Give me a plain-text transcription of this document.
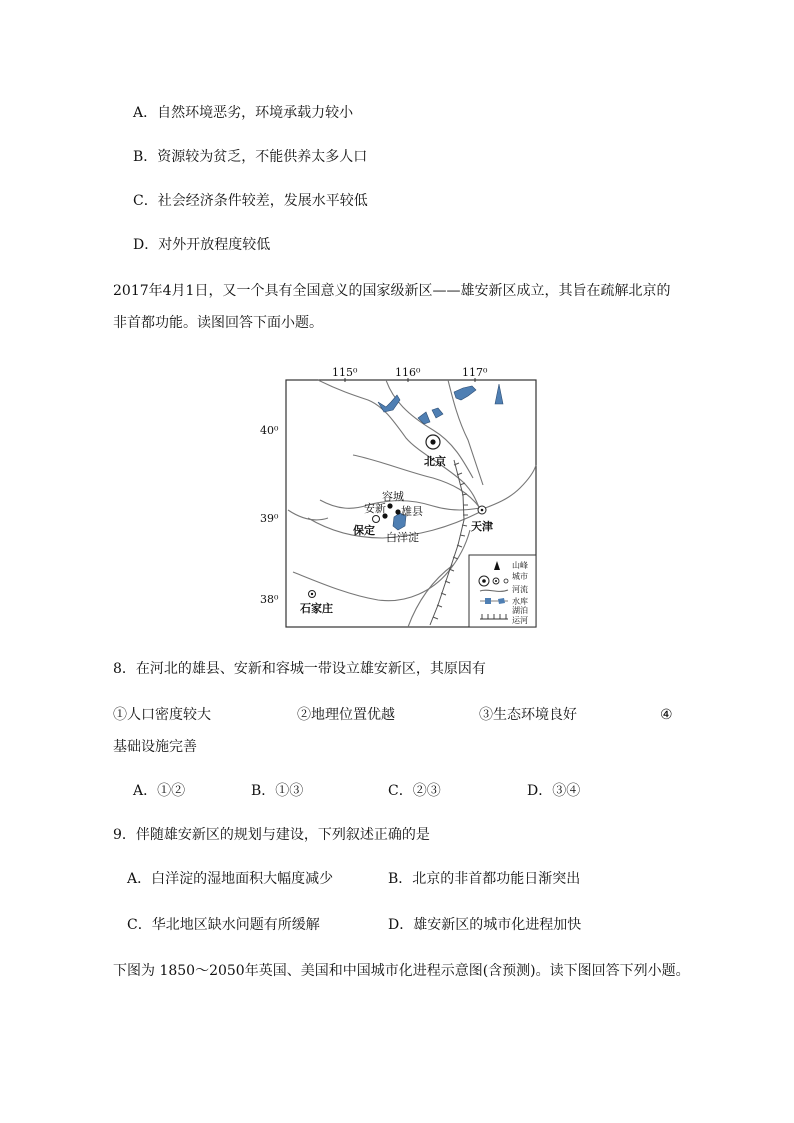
A．自然环境恶劣，环境承载力较小
B．资源较为贫乏，不能供养太多人口
C．社会经济条件较差，发展水平较低
D．对外开放程度较低
2017年4月1日，又一个具有全国意义的国家级新区——雄安新区成立，其旨在疏解北京的
非首都功能。读图回答下面小题。
115⁰	116⁰	117⁰
40⁰
39⁰
38⁰
北京
天津
保定
石家庄
容城
安新 雄县
白洋淀
山峰
城市
河流
水库
湖泊
运河
8．在河北的雄县、安新和容城一带设立雄安新区，其原因有
①人口密度较大	②地理位置优越	③生态环境良好	④
基础设施完善
A．①②	B．①③	C．②③	D．③④
9．伴随雄安新区的规划与建设，下列叙述正确的是
A．白洋淀的湿地面积大幅度减少	B．北京的非首都功能日渐突出
C．华北地区缺水问题有所缓解	D．雄安新区的城市化进程加快
下图为 1850～2050年英国、美国和中国城市化进程示意图(含预测)。读下图回答下列小题。
